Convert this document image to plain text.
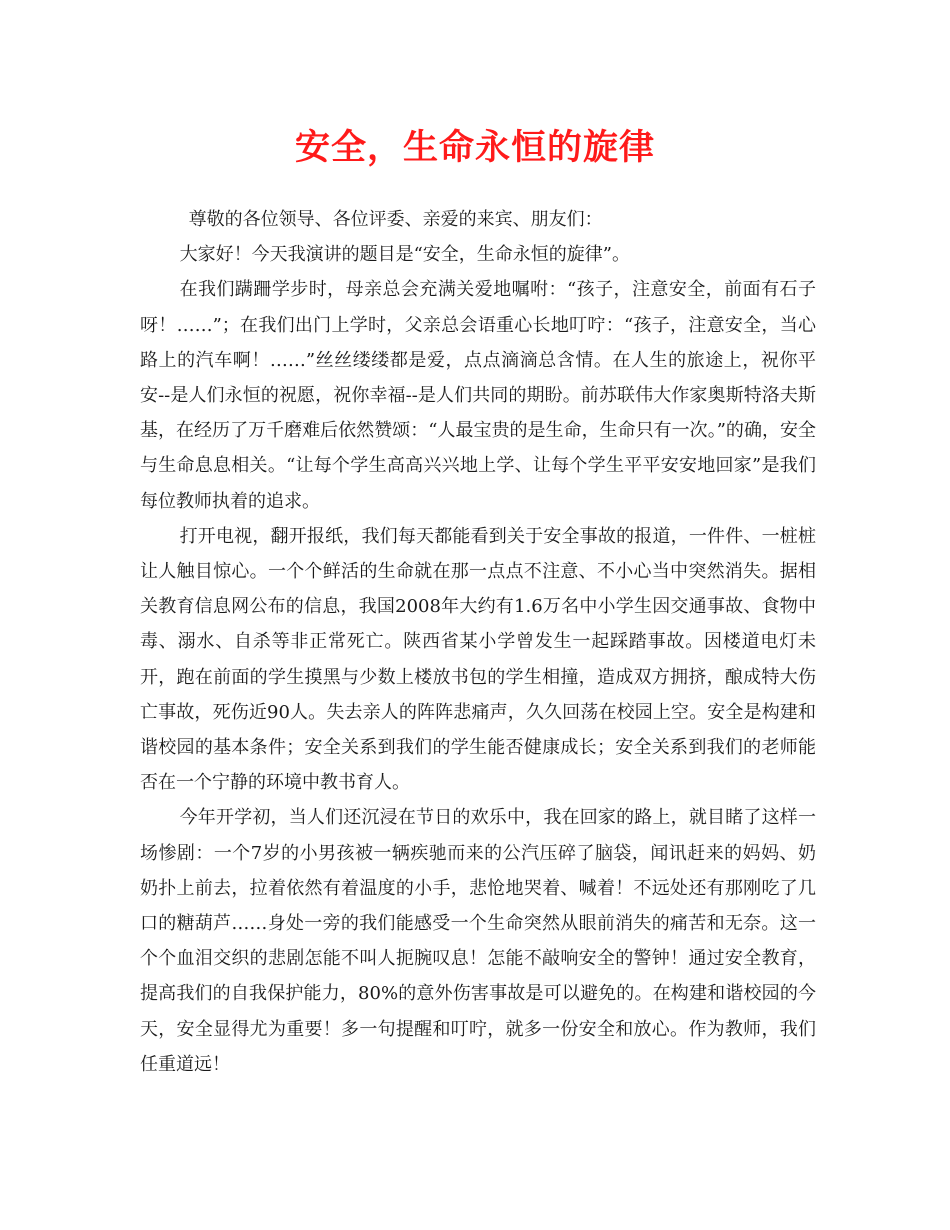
安全，生命永恒的旋律

尊敬的各位领导、各位评委、亲爱的来宾、朋友们：

大家好！今天我演讲的题目是“安全，生命永恒的旋律”。

在我们蹒跚学步时，母亲总会充满关爱地嘱咐：“孩子，注意安全，前面有石子呀！……”；在我们出门上学时，父亲总会语重心长地叮咛：“孩子，注意安全，当心路上的汽车啊！……”丝丝缕缕都是爱，点点滴滴总含情。在人生的旅途上，祝你平安--是人们永恒的祝愿，祝你幸福--是人们共同的期盼。前苏联伟大作家奥斯特洛夫斯基，在经历了万千磨难后依然赞颂：“人最宝贵的是生命，生命只有一次。”的确，安全与生命息息相关。“让每个学生高高兴兴地上学、让每个学生平平安安地回家”是我们每位教师执着的追求。

打开电视，翻开报纸，我们每天都能看到关于安全事故的报道，一件件、一桩桩让人触目惊心。一个个鲜活的生命就在那一点点不注意、不小心当中突然消失。据相关教育信息网公布的信息，我国2008年大约有1.6万名中小学生因交通事故、食物中毒、溺水、自杀等非正常死亡。陕西省某小学曾发生一起踩踏事故。因楼道电灯未开，跑在前面的学生摸黑与少数上楼放书包的学生相撞，造成双方拥挤，酿成特大伤亡事故，死伤近90人。失去亲人的阵阵悲痛声，久久回荡在校园上空。安全是构建和谐校园的基本条件；安全关系到我们的学生能否健康成长；安全关系到我们的老师能否在一个宁静的环境中教书育人。

今年开学初，当人们还沉浸在节日的欢乐中，我在回家的路上，就目睹了这样一场惨剧：一个7岁的小男孩被一辆疾驰而来的公汽压碎了脑袋，闻讯赶来的妈妈、奶奶扑上前去，拉着依然有着温度的小手，悲怆地哭着、喊着！不远处还有那刚吃了几口的糖葫芦……身处一旁的我们能感受一个生命突然从眼前消失的痛苦和无奈。这一个个血泪交织的悲剧怎能不叫人扼腕叹息！怎能不敲响安全的警钟！通过安全教育，提高我们的自我保护能力，80%的意外伤害事故是可以避免的。在构建和谐校园的今天，安全显得尤为重要！多一句提醒和叮咛，就多一份安全和放心。作为教师，我们任重道远！
